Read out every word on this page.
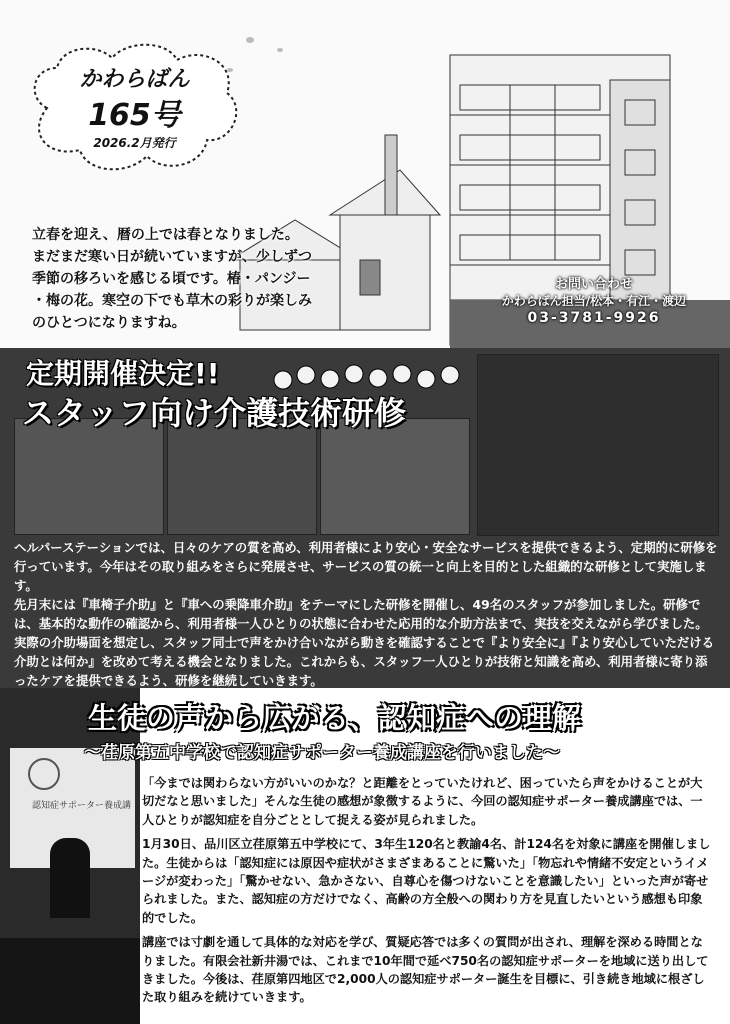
かわらばん
165号
2026.2月発行
立春を迎え、暦の上では春となりました。
まだまだ寒い日が続いていますが、少しずつ
季節の移ろいを感じる頃です。椿・パンジー
・梅の花。寒空の下でも草木の彩りが楽しみ
のひとつになりますね。
お問い合わせ
かわらばん担当/松本・有江・渡辺
03-3781-9926
定期開催決定!!
スタッフ向け介護技術研修

ヘルパーステーションでは、日々のケアの質を高め、利用者様により安心・安全なサービスを提供できるよう、定期的に研修を行っています。今年はその取り組みをさらに発展させ、サービスの質の統一と向上を目的とした組織的な研修として実施します。

先月末には『車椅子介助』と『車への乗降車介助』をテーマにした研修を開催し、49名のスタッフが参加しました。研修では、基本的な動作の確認から、利用者様一人ひとりの状態に合わせた応用的な介助方法まで、実技を交えながら学びました。実際の介助場面を想定し、スタッフ同士で声をかけ合いながら動きを確認することで『より安全に』『より安心していただける介助とは何か』を改めて考える機会となりました。これからも、スタッフ一人ひとりが技術と知識を高め、利用者様に寄り添ったケアを提供できるよう、研修を継続していきます。

認知症サポーター養成講
生徒の声から広がる、認知症への理解
～荏原第五中学校で認知症サポーター養成講座を行いました～

「今までは関わらない方がいいのかな？と距離をとっていたけれど、困っていたら声をかけることが大切だなと思いました」そんな生徒の感想が象徴するように、今回の認知症サポーター養成講座では、一人ひとりが認知症を自分ごととして捉える姿が見られました。

1月30日、品川区立荏原第五中学校にて、3年生120名と教諭4名、計124名を対象に講座を開催しました。生徒からは「認知症には原因や症状がさまざまあることに驚いた」「物忘れや情緒不安定というイメージが変わった」「驚かせない、急かさない、自尊心を傷つけないことを意識したい」といった声が寄せられました。また、認知症の方だけでなく、高齢の方全般への関わり方を見直したいという感想も印象的でした。

講座では寸劇を通して具体的な対応を学び、質疑応答では多くの質問が出され、理解を深める時間となりました。有限会社新井湯では、これまで10年間で延べ750名の認知症サポーターを地域に送り出してきました。今後は、荏原第四地区で2,000人の認知症サポーター誕生を目標に、引き続き地域に根ざした取り組みを続けていきます。
